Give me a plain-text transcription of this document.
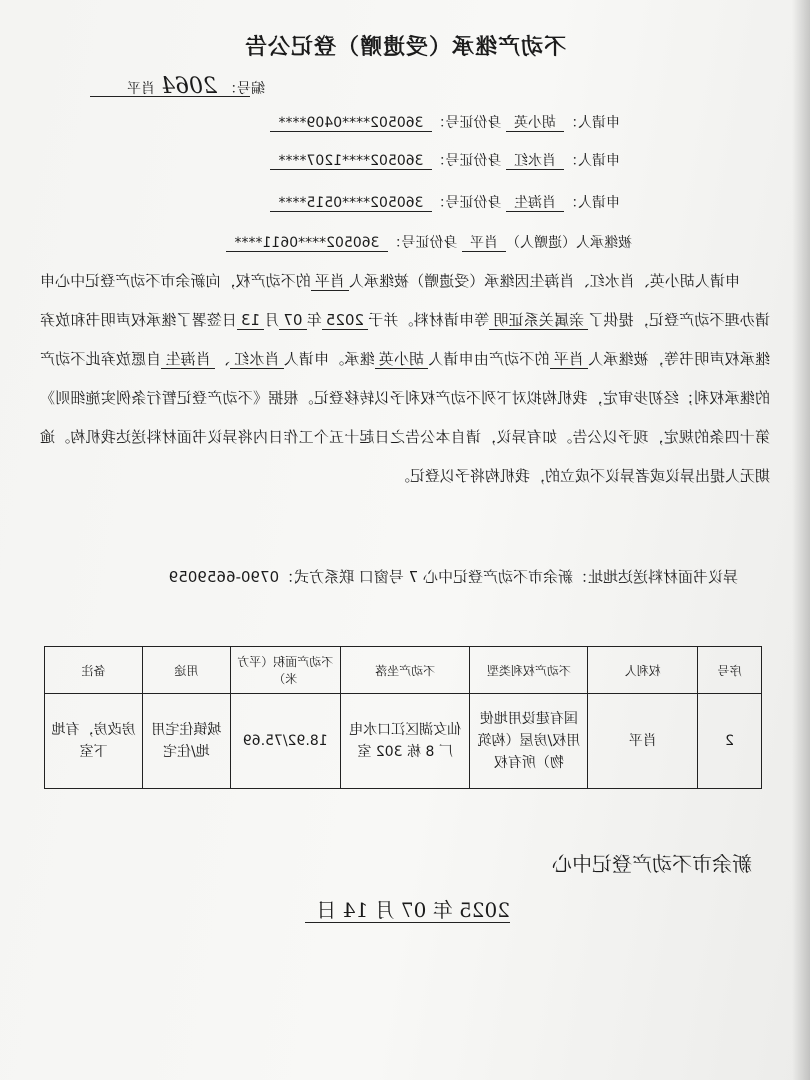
不动产继承（受遗赠）登记公告
编号：2064肖平
申请人：胡小英 身份证号：360502****0409****
申请人：肖水红 身份证号：360502****1207****
申请人：肖海生 身份证号：360502****0515****
被继承人（遗赠人）肖平 身份证号：360502****0611****
申请人胡小英、肖水红、肖海生因继承（受遗赠）被继承人肖平的不动产权，向新余市不动产登记中心申请办理不动产登记，提供了亲属关系证明等申请材料。并于2025年07月13日签署了继承权声明书和放弃继承权声明书等，被继承人肖平的不动产由申请人胡小英继承。申请人肖水红、肖海生自愿放弃此不动产的继承权利；经初步审定，我机构拟对下列不动产权利予以转移登记。根据《不动产登记暂行条例实施细则》第十四条的规定，现予以公告。如有异议，请自本公告之日起十五个工作日内将异议书面材料送达我机构。逾期无人提出异议或者异议不成立的，我机构将予以登记。
异议书面材料送达地址：新余市不动产登记中心 7 号窗口 联系方式：0790-6659059
序号	权利人	不动产权利类型	不动产坐落	不动产面积（平方米）	用途	备注
2	肖平	国有建设用地使用权/房屋（构筑物）所有权	仙女湖区江口水电厂 8 栋 302 室	18.92/75.69	城镇住宅用地/住宅	房改房，有地下室
新余市不动产登记中心
2025 年 07 月 14 日
